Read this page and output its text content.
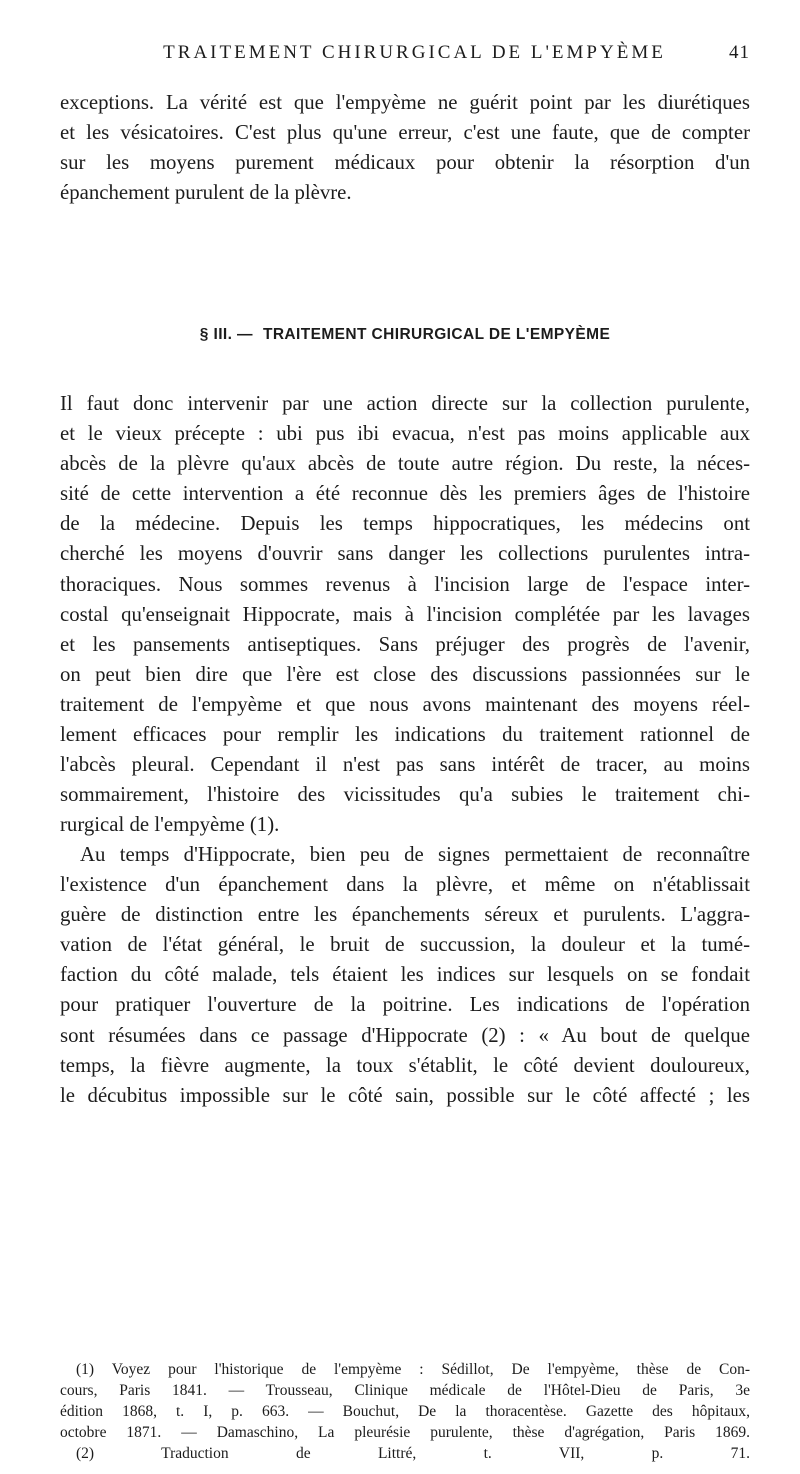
TRAITEMENT CHIRURGICAL DE L'EMPYÈME	41

exceptions. La vérité est que l'empyème ne guérit point par les diurétiques

et les vésicatoires. C'est plus qu'une erreur, c'est une faute, que de compter

sur les moyens purement médicaux pour obtenir la résorption d'un

épanchement purulent de la plèvre.

§ III. — TRAITEMENT CHIRURGICAL DE L'EMPYÈME

Il faut donc intervenir par une action directe sur la collection purulente,

et le vieux précepte : ubi pus ibi evacua, n'est pas moins applicable aux

abcès de la plèvre qu'aux abcès de toute autre région. Du reste, la néces-

sité de cette intervention a été reconnue dès les premiers âges de l'histoire

de la médecine. Depuis les temps hippocratiques, les médecins ont

cherché les moyens d'ouvrir sans danger les collections purulentes intra-

thoraciques. Nous sommes revenus à l'incision large de l'espace inter-

costal qu'enseignait Hippocrate, mais à l'incision complétée par les lavages

et les pansements antiseptiques. Sans préjuger des progrès de l'avenir,

on peut bien dire que l'ère est close des discussions passionnées sur le

traitement de l'empyème et que nous avons maintenant des moyens réel-

lement efficaces pour remplir les indications du traitement rationnel de

l'abcès pleural. Cependant il n'est pas sans intérêt de tracer, au moins

sommairement, l'histoire des vicissitudes qu'a subies le traitement chi-

rurgical de l'empyème (1).

Au temps d'Hippocrate, bien peu de signes permettaient de reconnaître

l'existence d'un épanchement dans la plèvre, et même on n'établissait

guère de distinction entre les épanchements séreux et purulents. L'aggra-

vation de l'état général, le bruit de succussion, la douleur et la tumé-

faction du côté malade, tels étaient les indices sur lesquels on se fondait

pour pratiquer l'ouverture de la poitrine. Les indications de l'opération

sont résumées dans ce passage d'Hippocrate (2) : « Au bout de quelque

temps, la fièvre augmente, la toux s'établit, le côté devient douloureux,

le décubitus impossible sur le côté sain, possible sur le côté affecté ; les

(1) Voyez pour l'historique de l'empyème : Sédillot, De l'empyème, thèse de Con-

cours, Paris 1841. — Trousseau, Clinique médicale de l'Hôtel-Dieu de Paris, 3e

édition 1868, t. I, p. 663. — Bouchut, De la thoracentèse. Gazette des hôpitaux,

octobre 1871. — Damaschino, La pleurésie purulente, thèse d'agrégation, Paris 1869.

(2) Traduction de Littré, t. VII, p. 71.
